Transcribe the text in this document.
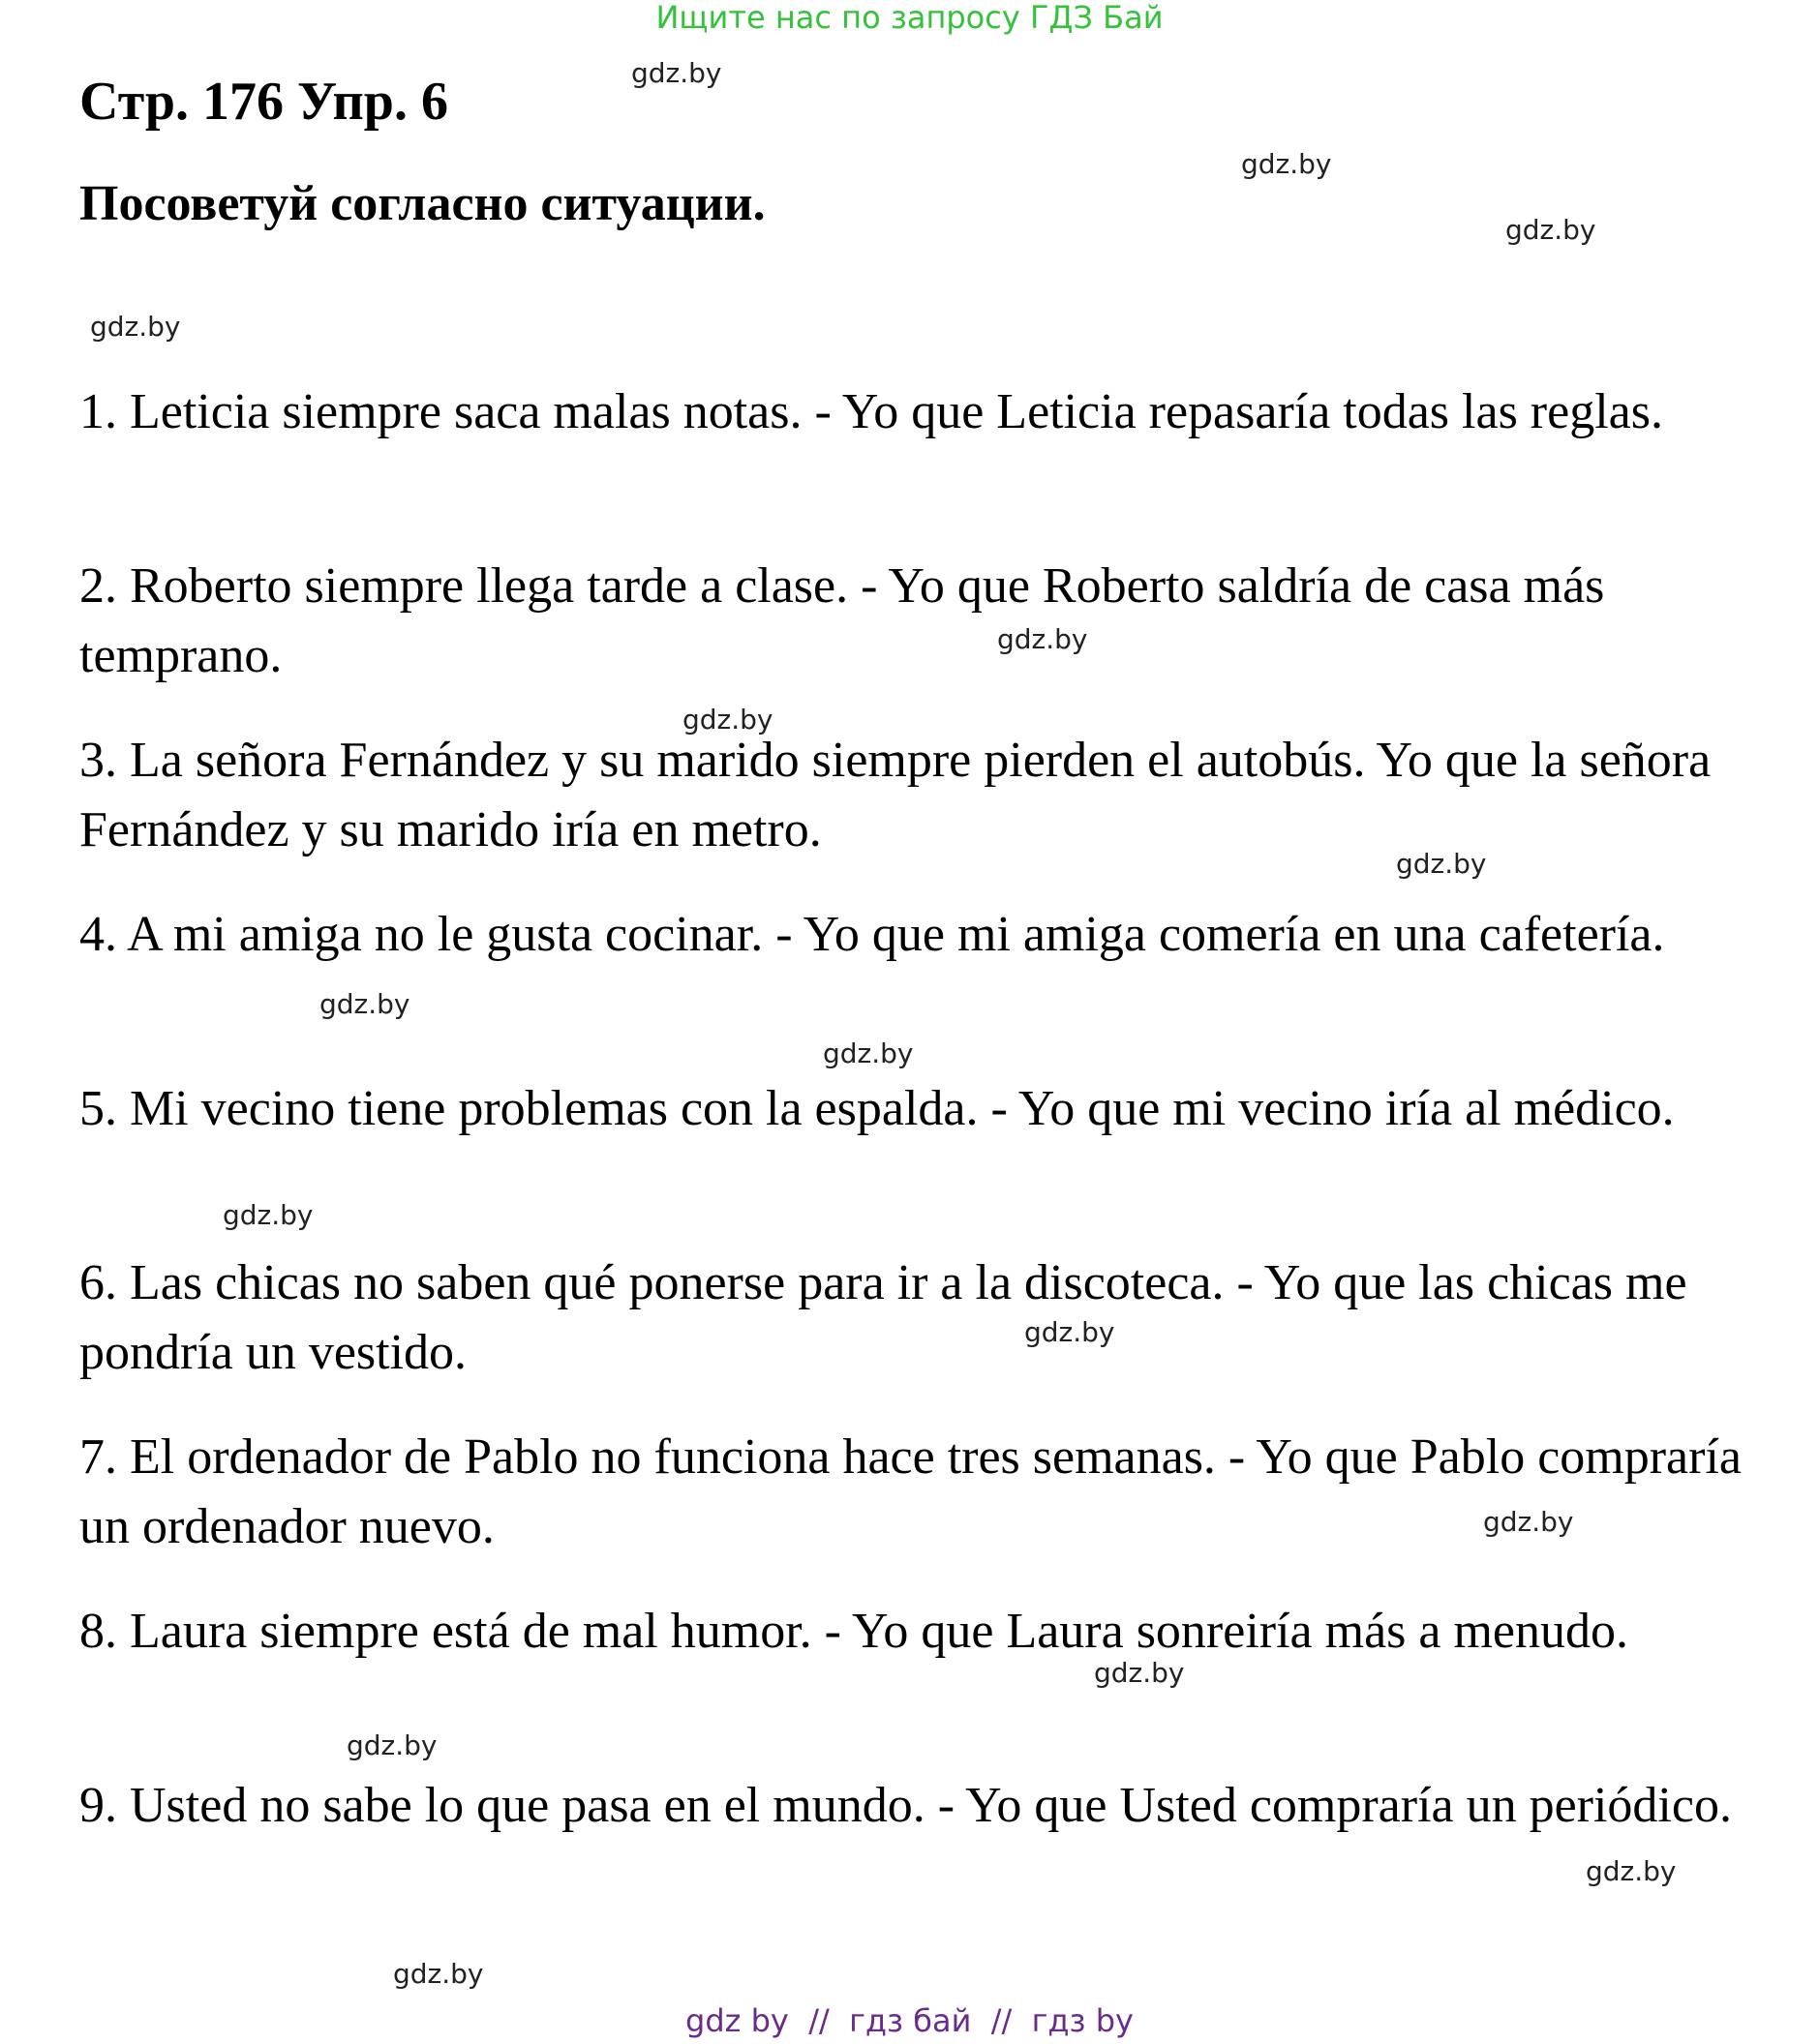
Ищите нас по запросу ГДЗ Бай
Стр. 176 Упр. 6
Посоветуй согласно ситуации.
1. Leticia siempre saca malas notas. - Yo que Leticia repasaría todas las reglas.
2. Roberto siempre llega tarde a clase. - Yo que Roberto saldría de casa más temprano.
3. La señora Fernández y su marido siempre pierden el autobús. Yo que la señora Fernández y su marido iría en metro.
4. A mi amiga no le gusta cocinar. - Yo que mi amiga comería en una cafetería.
5. Mi vecino tiene problemas con la espalda. - Yo que mi vecino iría al médico.
6. Las chicas no saben qué ponerse para ir a la discoteca. - Yo que las chicas me pondría un vestido.
7. El ordenador de Pablo no funciona hace tres semanas. - Yo que Pablo compraría un ordenador nuevo.
8. Laura siempre está de mal humor. - Yo que Laura sonreiría más a menudo.
9. Usted no sabe lo que pasa en el mundo. - Yo que Usted compraría un periódico.
gdz.by
gdz.by
gdz.by
gdz.by
gdz.by
gdz.by
gdz.by
gdz.by
gdz.by
gdz.by
gdz.by
gdz.by
gdz.by
gdz.by
gdz.by
gdz.by
gdz by  //  гдз бай  //  гдз by
